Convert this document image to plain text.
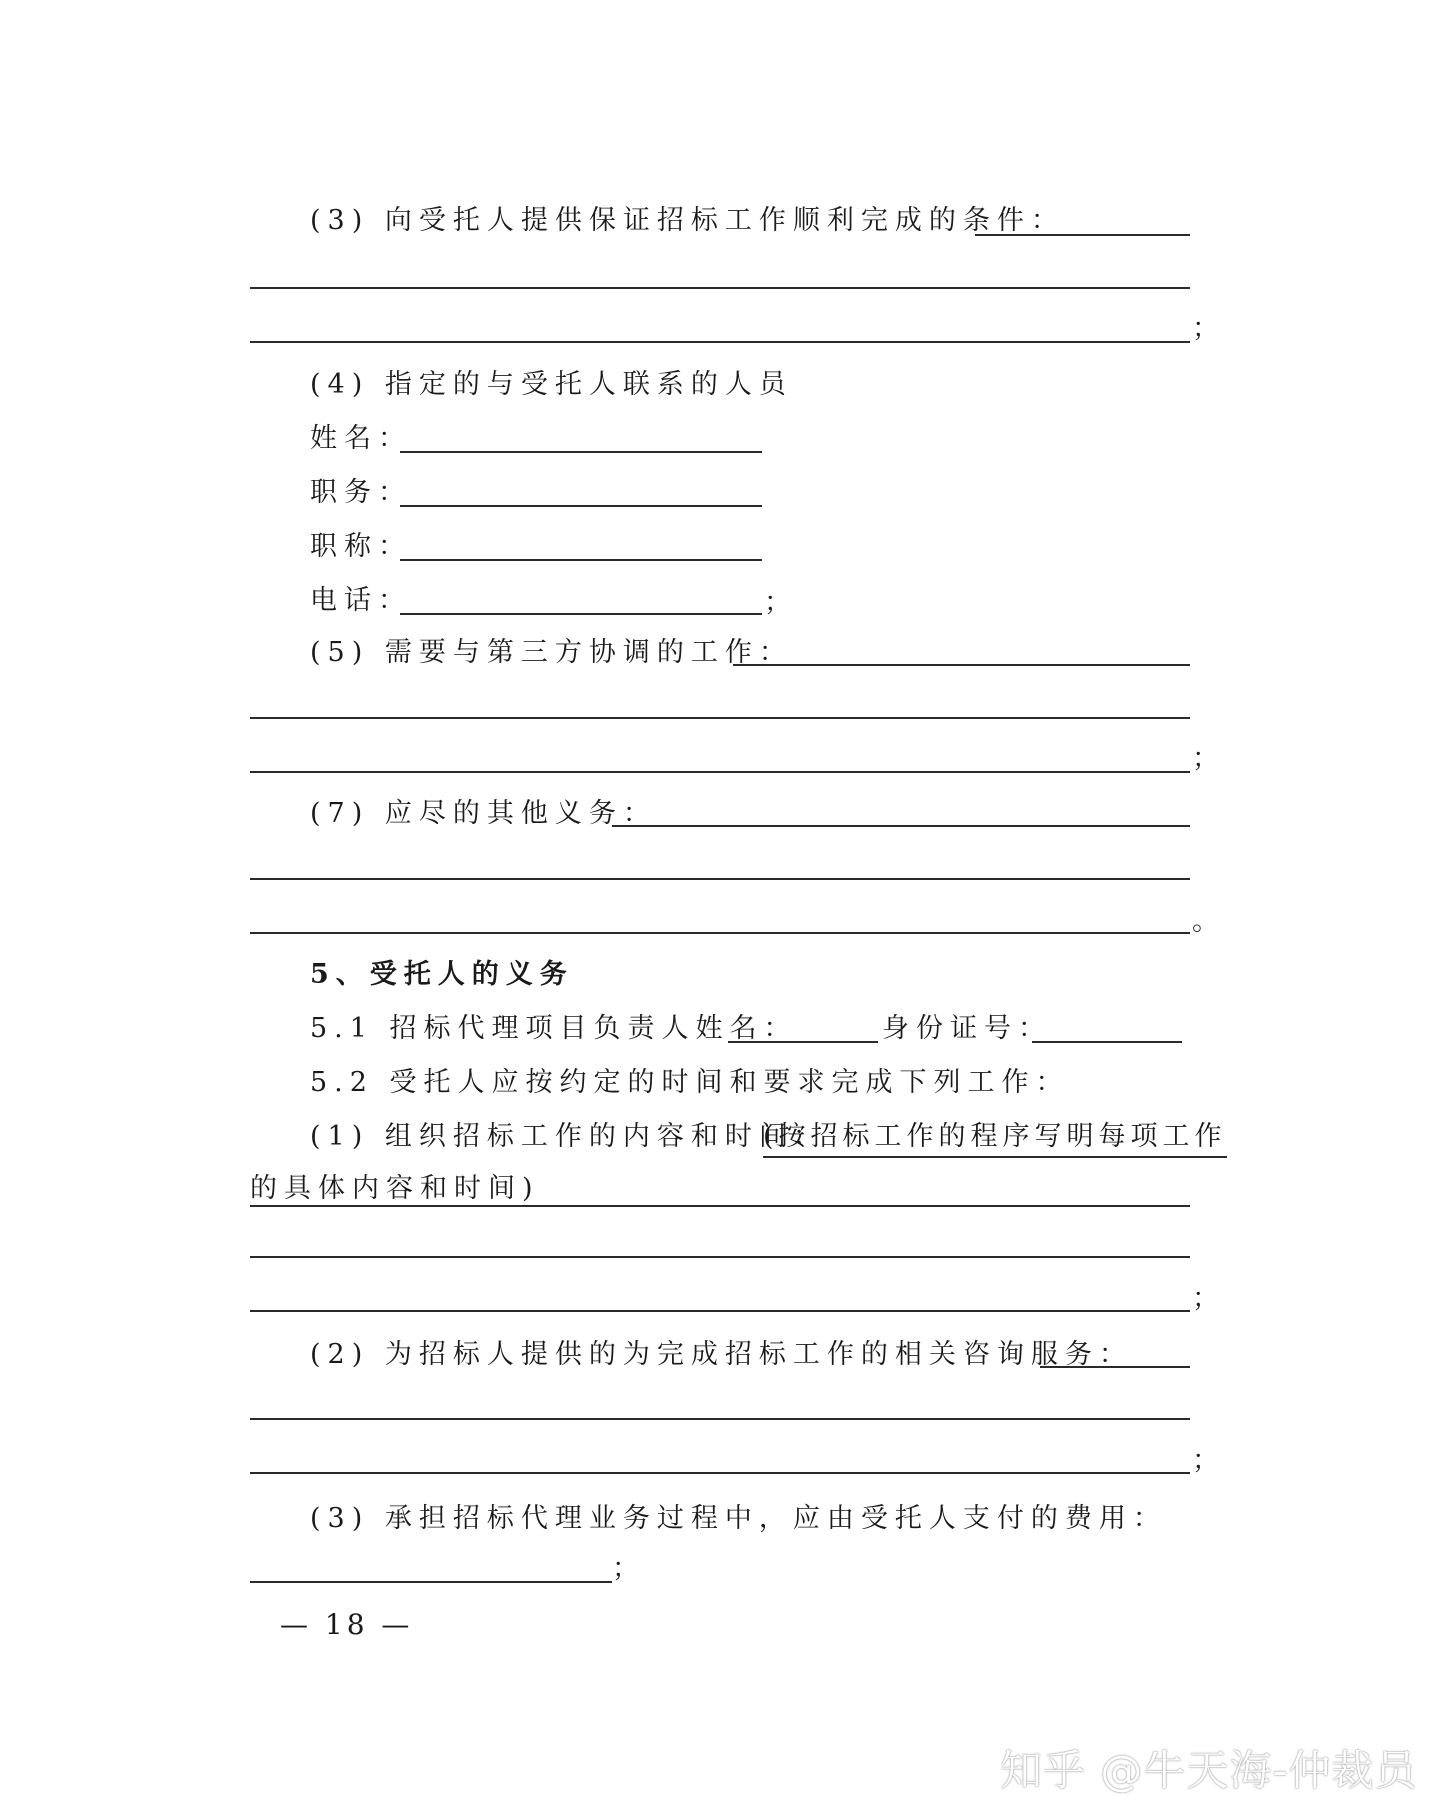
(3) 向受托人提供保证招标工作顺利完成的条件：
；
(4) 指定的与受托人联系的人员
姓名：
职务：
职称：
电话：	；
(5) 需要与第三方协调的工作：
；
(7) 应尽的其他义务：
。
5、受托人的义务
5.1 招标代理项目负责人姓名：	身份证号：
5.2 受托人应按约定的时间和要求完成下列工作：
(1) 组织招标工作的内容和时间：
(按招标工作的程序写明每项工作
的具体内容和时间)
；
(2) 为招标人提供的为完成招标工作的相关咨询服务：
；
(3) 承担招标代理业务过程中，应由受托人支付的费用：
；
— 18 —
知乎 @牛天海-仲裁员
